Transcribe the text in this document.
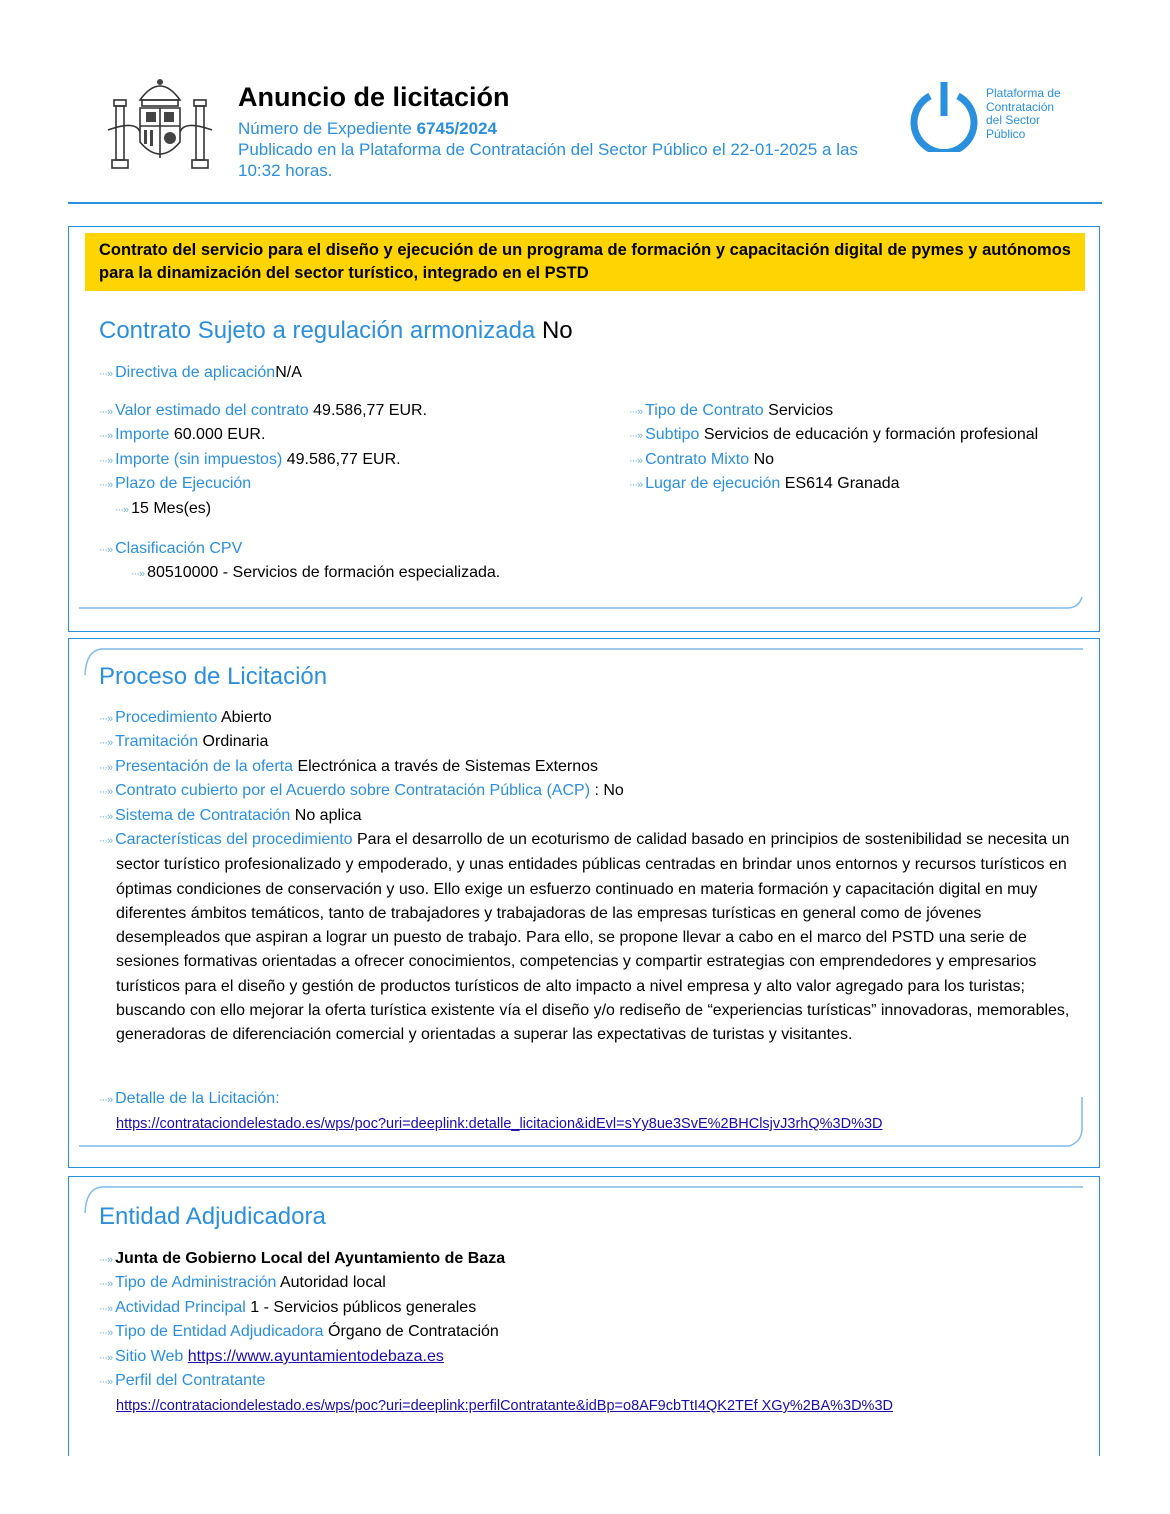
Anuncio de licitación
Número de Expediente 6745/2024
Publicado en la Plataforma de Contratación del Sector Público el 22-01-2025 a las 10:32 horas.
Plataforma de
Contratación
del Sector
Público
Contrato del servicio para el diseño y ejecución de un programa de formación y capacitación digital de pymes y autónomos para la dinamización del sector turístico, integrado en el PSTD
Contrato Sujeto a regulación armonizada No
···» Directiva de aplicaciónN/A
···» Valor estimado del contrato 49.586,77 EUR.
···» Importe 60.000 EUR.
···» Importe (sin impuestos) 49.586,77 EUR.
···» Plazo de Ejecución
···» 15 Mes(es)
···» Clasificación CPV
···» 80510000 - Servicios de formación especializada.
···» Tipo de Contrato Servicios
···» Subtipo Servicios de educación y formación profesional
···» Contrato Mixto No
···» Lugar de ejecución ES614 Granada
Proceso de Licitación
···» Procedimiento Abierto
···» Tramitación Ordinaria
···» Presentación de la oferta Electrónica a través de Sistemas Externos
···» Contrato cubierto por el Acuerdo sobre Contratación Pública (ACP) : No
···» Sistema de Contratación No aplica
···» Características del procedimiento Para el desarrollo de un ecoturismo de calidad basado en principios de sostenibilidad se necesita un sector turístico profesionalizado y empoderado, y unas entidades públicas centradas en brindar unos entornos y recursos turísticos en óptimas condiciones de conservación y uso. Ello exige un esfuerzo continuado en materia formación y capacitación digital en muy diferentes ámbitos temáticos, tanto de trabajadores y trabajadoras de las empresas turísticas en general como de jóvenes desempleados que aspiran a lograr un puesto de trabajo. Para ello, se propone llevar a cabo en el marco del PSTD una serie de sesiones formativas orientadas a ofrecer conocimientos, competencias y compartir estrategias con emprendedores y empresarios turísticos para el diseño y gestión de productos turísticos de alto impacto a nivel empresa y alto valor agregado para los turistas; buscando con ello mejorar la oferta turística existente vía el diseño y/o rediseño de “experiencias turísticas” innovadoras, memorables, generadoras de diferenciación comercial y orientadas a superar las expectativas de turistas y visitantes.
···» Detalle de la Licitación:
https://contrataciondelestado.es/wps/poc?uri=deeplink:detalle_licitacion&idEvl=sYy8ue3SvE%2BHClsjvJ3rhQ%3D%3D
Entidad Adjudicadora
···» Junta de Gobierno Local del Ayuntamiento de Baza
···» Tipo de Administración Autoridad local
···» Actividad Principal 1 - Servicios públicos generales
···» Tipo de Entidad Adjudicadora Órgano de Contratación
···» Sitio Web https://www.ayuntamientodebaza.es
···» Perfil del Contratante
https://contrataciondelestado.es/wps/poc?uri=deeplink:perfilContratante&idBp=o8AF9cbTtI4QK2TEf XGy%2BA%3D%3D
